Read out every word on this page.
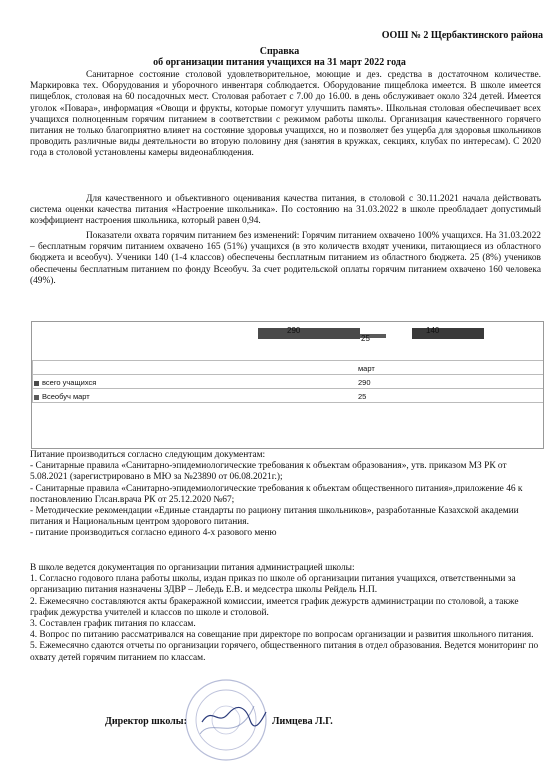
ООШ № 2 Щербактинского района
Справка
об организации питания учащихся на 31 март 2022 года
Санитарное состояние столовой удовлетворительное, моющие и дез. средства в достаточном количестве. Маркировка тех. Оборудования и уборочного инвентаря соблюдается. Оборудование пищеблока имеется. В школе имеется пищеблок, столовая на 60 посадочных мест. Столовая работает с 7.00 до 16.00. в день обслуживает около 324 детей. Имеется уголок «Повара», информация «Овощи и фрукты, которые помогут улучшить память». Школьная столовая обеспечивает всех учащихся полноценным горячим питанием в соответствии с режимом работы школы. Организация качественного горячего питания не только благоприятно влияет на состояние здоровья учащихся, но и позволяет без ущерба для здоровья школьников проводить различные виды деятельности во вторую половину дня (занятия в кружках, секциях, клубах по интересам). С 2020 года в столовой установлены камеры видеонаблюдения.
Для качественного и объективного оценивания качества питания, в столовой с 30.11.2021 начала действовать система оценки качества питания «Настроение школьника». По состоянию на 31.03.2022 в школе преобладает допустимый коэффициент настроения школьника, который равен 0,94.
Показатели охвата горячим питанием без изменений: Горячим питанием охвачено 100% учащихся. На 31.03.2022 – бесплатным горячим питанием охвачено 165 (51%) учащихся (в это количеств входят ученики, питающиеся из областного бюджета и всеобуч). Ученики 140 (1-4 классов) обеспечены бесплатным питанием из областного бюджета. 25 (8%) учеников обеспечены бесплатным питанием по фонду Всеобуч. За счет родительской оплаты горячим питанием охвачено 160 человека (49%).
290
25
140
март
всего учащихся	290
Всеобуч март	25
Питание производиться согласно следующим документам:
- Санитарные правила «Санитарно-эпидемиологические требования к объектам образования», утв. приказом МЗ РК от 5.08.2021 (зарегистрировано в МЮ за №23890 от 06.08.2021г.);
- Санитарные правила «Санитарно-эпидемиологические требования к объектам общественного питания»,приложение 46 к постановлению Глсан.врача РК от 25.12.2020 №67;
- Методические рекомендации «Единые стандарты по рациону питания школьников», разработанные Казахской академии питания и Национальным центром здорового питания.
- питание производиться согласно единого 4-х разового меню
В школе ведется документация по организации питания администрацией школы:
1. Согласно годового плана работы школы, издан приказ по школе об организации питания учащихся, ответственными за организацию питания назначены ЗДВР – Лебедь Е.В. и медсестра школы Рейдель Н.П.
2. Ежемесячно составляются акты бракеражной комиссии, имеется график дежурств администрации по столовой, а также график дежурства учителей и классов по школе и столовой.
3. Составлен график питания по классам.
4. Вопрос по питанию рассматривался на совещание при директоре по вопросам организации и развития школьного питания.
5. Ежемесячно сдаются отчеты по организации горячего, общественного питания в отдел образования. Ведется мониторинг по охвату детей горячим питанием по классам.
Директор школы:	Лимцева Л.Г.
